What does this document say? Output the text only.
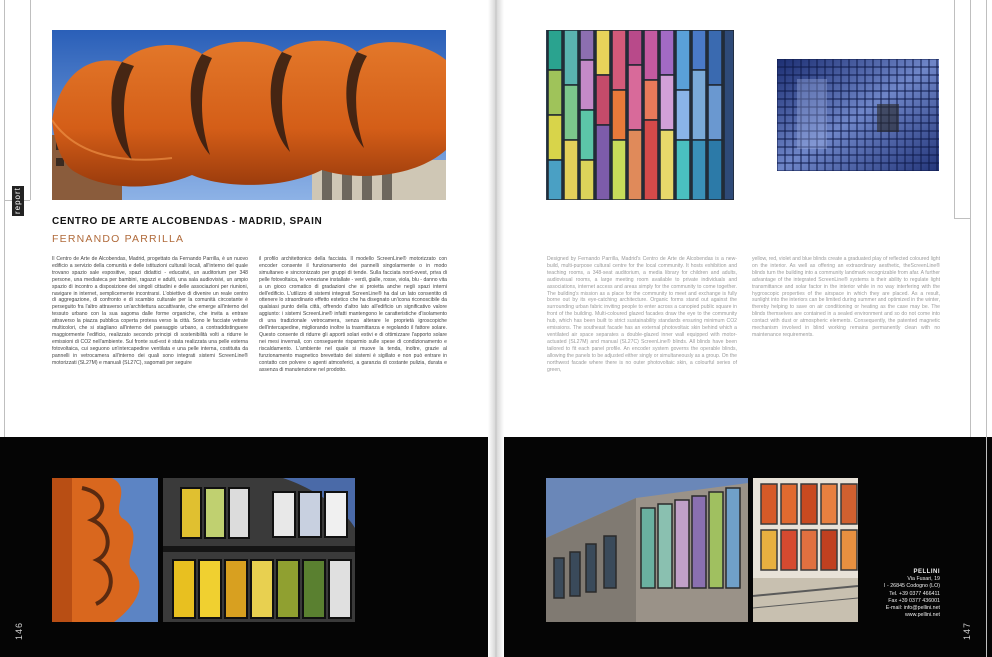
report
CENTRO DE ARTE ALCOBENDAS - MADRID, SPAIN
FERNANDO PARRILLA

Il Centro de Arte de Alcobendas, Madrid, progettato da Fernando Parrilla, è un nuovo edificio a servizio della comunità e delle istituzioni culturali locali, all'interno del quale trovano spazio sale espositive, spazi didattici - educativi, un auditorium per 348 persone, una mediateca per bambini, ragazzi e adulti, una sala audiovisivi, un ampio spazio di incontro a disposizione dei singoli cittadini e delle associazioni per riunioni, navigare in internet, semplicemente incontrarsi. L'obiettivo di divenire un reale centro di aggregazione, di confronto e di scambio culturale per la comunità circostante è perseguito fra l'altro attraverso un'architettura accattivante, che emerge all'interno del tessuto urbano con la sua sagoma dalle forme organiche, che invita a entrare attraverso la piazza pubblica coperta protesa verso la città. Sono le facciate vetrate multicolori, che si stagliano all'interno del paesaggio urbano, a contraddistinguere maggiormente l'edificio, realizzato secondo principi di sostenibilità volti a ridurre le emissioni di CO2 nell'ambiente. Sul fronte sud-est è stata realizzata una pelle esterna fotovoltaica, cui seguono un'intercapedine ventilata e una pelle interna, costituita da pannelli in vetrocamera all'interno dei quali sono integrati sistemi ScreenLine® motorizzati (SL27M) e manuali (SL27C), sagomati per seguire

il profilo architettonico della facciata. Il modello ScreenLine® motorizzato con encoder consente il funzionamento dei pannelli singolarmente o in modo simultaneo e sincronizzato per gruppi di tende. Sulla facciata nord-ovest, priva di pelle fotovoltaica, le veneziane installate - verdi, gialle, rosse, viola, blu - danno vita a un gioco cromatico di gradazioni che si proietta anche negli spazi interni dell'edificio. L'utilizzo di sistemi integrati ScreenLine® ha dal un lato consentito di ottenere lo straordinario effetto estetico che ha disegnato un'icona riconoscibile da qualsiasi punto della città, offrendo d'altro lato all'edificio un significativo valore aggiunto: i sistemi ScreenLine® infatti mantengono le caratteristiche d'isolamento di una tradizionale vetrocamera, senza alterare le proprietà igroscopiche dell'intercapedine, migliorando inoltre la trasmittanza e regolando il fattore solare. Questo consente di ridurre gli apporti solari estivi e di ottimizzare l'apporto solare nei mesi invernali, con conseguente risparmio sulle spese di condizionamento e riscaldamento. L'ambiente nel quale si muove la tenda, inoltre, grazie al funzionamento magnetico brevettato dei sistemi è sigillato e non può entrare in contatto con polvere o agenti atmosferici, a garanzia di costante pulizia, durata e assenza di manutenzione nel prodotto.

Designed by Fernando Parrilla, Madrid's Centro de Arte de Alcobendas is a new-build, multi-purpose cultural centre for the local community. It hosts exhibition and teaching rooms, a 348-seat auditorium, a media library for children and adults, audiovisual rooms, a large meeting room available to private individuals and associations, internet access and areas simply for the community to come together. The building's mission as a place for the community to meet and exchange is fully borne out by its eye-catching architecture. Organic forms stand out against the surrounding urban fabric inviting people to enter across a canopied public square in front of the building. Multi-coloured glazed facades draw the eye to the community hub, which has been built to strict sustainability standards ensuring minimum CO2 emissions. The southeast facade has an external photovoltaic skin behind which a ventilated air space separates a double-glazed inner wall equipped with motor-actuated (SL27M) and manual (SL27C) ScreenLine® blinds. All blinds have been tailored to fit each panel profile. An encoder system governs the operable blinds, allowing the panels to be adjusted either singly or simultaneously as a group. On the northwest facade where there is no outer photovoltaic skin, a colourful series of green,

yellow, red, violet and blue blinds create a graduated play of reflected coloured light on the interior. As well as offering an extraordinary aesthetic, theScreenLine® blinds turn the building into a community landmark recognizable from afar. A further advantage of the integrated ScreenLine® systems is their ability to regulate light transmittance and solar factor in the interior while in no way interfering with the hygroscopic properties of the airspace in which they are placed. As a result, sunlight into the interiors can be limited during summer and optimized in the winter, thereby helping to save on air conditioning or heating as the case may be. The blinds themselves are contained in a sealed environment and so do not come into contact with dust or atmospheric elements. Consequently, the patented magnetic mechanism involved in blind working remains permanently clean with no maintenance requirements.

PELLINI
Via Fusari, 19
I - 26845 Codogno (LO)
Tel. +39 0377 466411
Fax +39 0377 436001
E-mail: info@pellini.net
www.pellini.net
146	147
